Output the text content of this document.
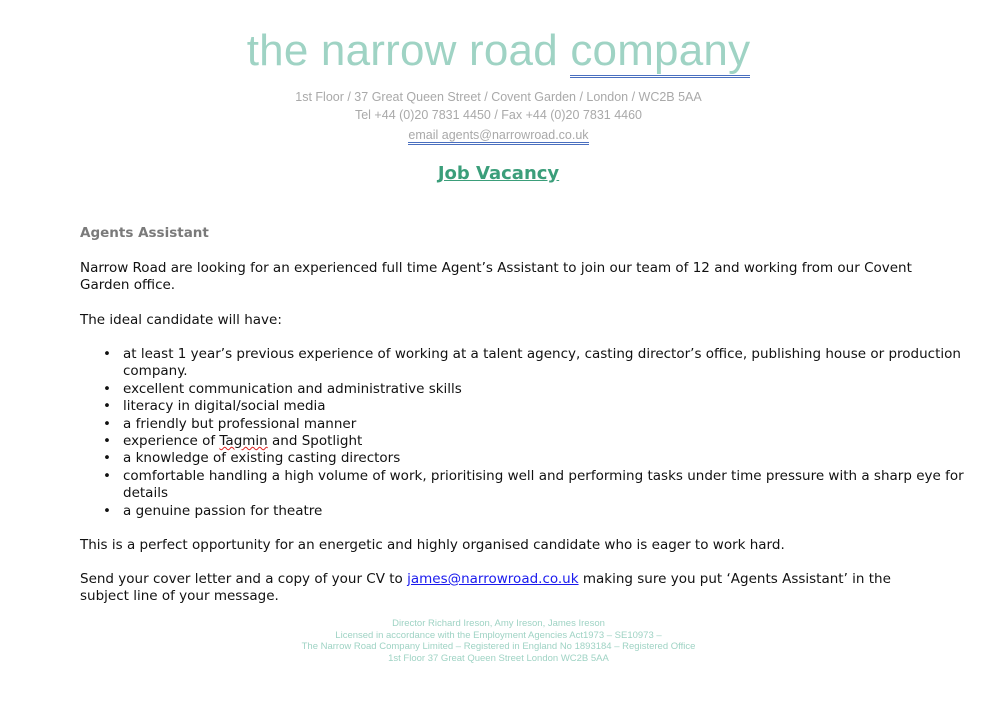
the narrow road company
1st Floor / 37 Great Queen Street / Covent Garden / London / WC2B 5AA
Tel +44 (0)20 7831 4450 / Fax +44 (0)20 7831 4460
email agents@narrowroad.co.uk
Job Vacancy
Agents Assistant
Narrow Road are looking for an experienced full time Agent’s Assistant to join our team of 12 and working from our Covent Garden office.
The ideal candidate will have:
• at least 1 year’s previous experience of working at a talent agency, casting director’s office, publishing house or production company.
• excellent communication and administrative skills
• literacy in digital/social media
• a friendly but professional manner
• experience of Tagmin and Spotlight
• a knowledge of existing casting directors
• comfortable handling a high volume of work, prioritising well and performing tasks under time pressure with a sharp eye for details
• a genuine passion for theatre
This is a perfect opportunity for an energetic and highly organised candidate who is eager to work hard.
Send your cover letter and a copy of your CV to james@narrowroad.co.uk making sure you put ‘Agents Assistant’ in the subject line of your message.
Director Richard Ireson, Amy Ireson, James Ireson
Licensed in accordance with the Employment Agencies Act1973 – SE10973 –
The Narrow Road Company Limited – Registered in England No 1893184 – Registered Office
1st Floor 37 Great Queen Street London WC2B 5AA
